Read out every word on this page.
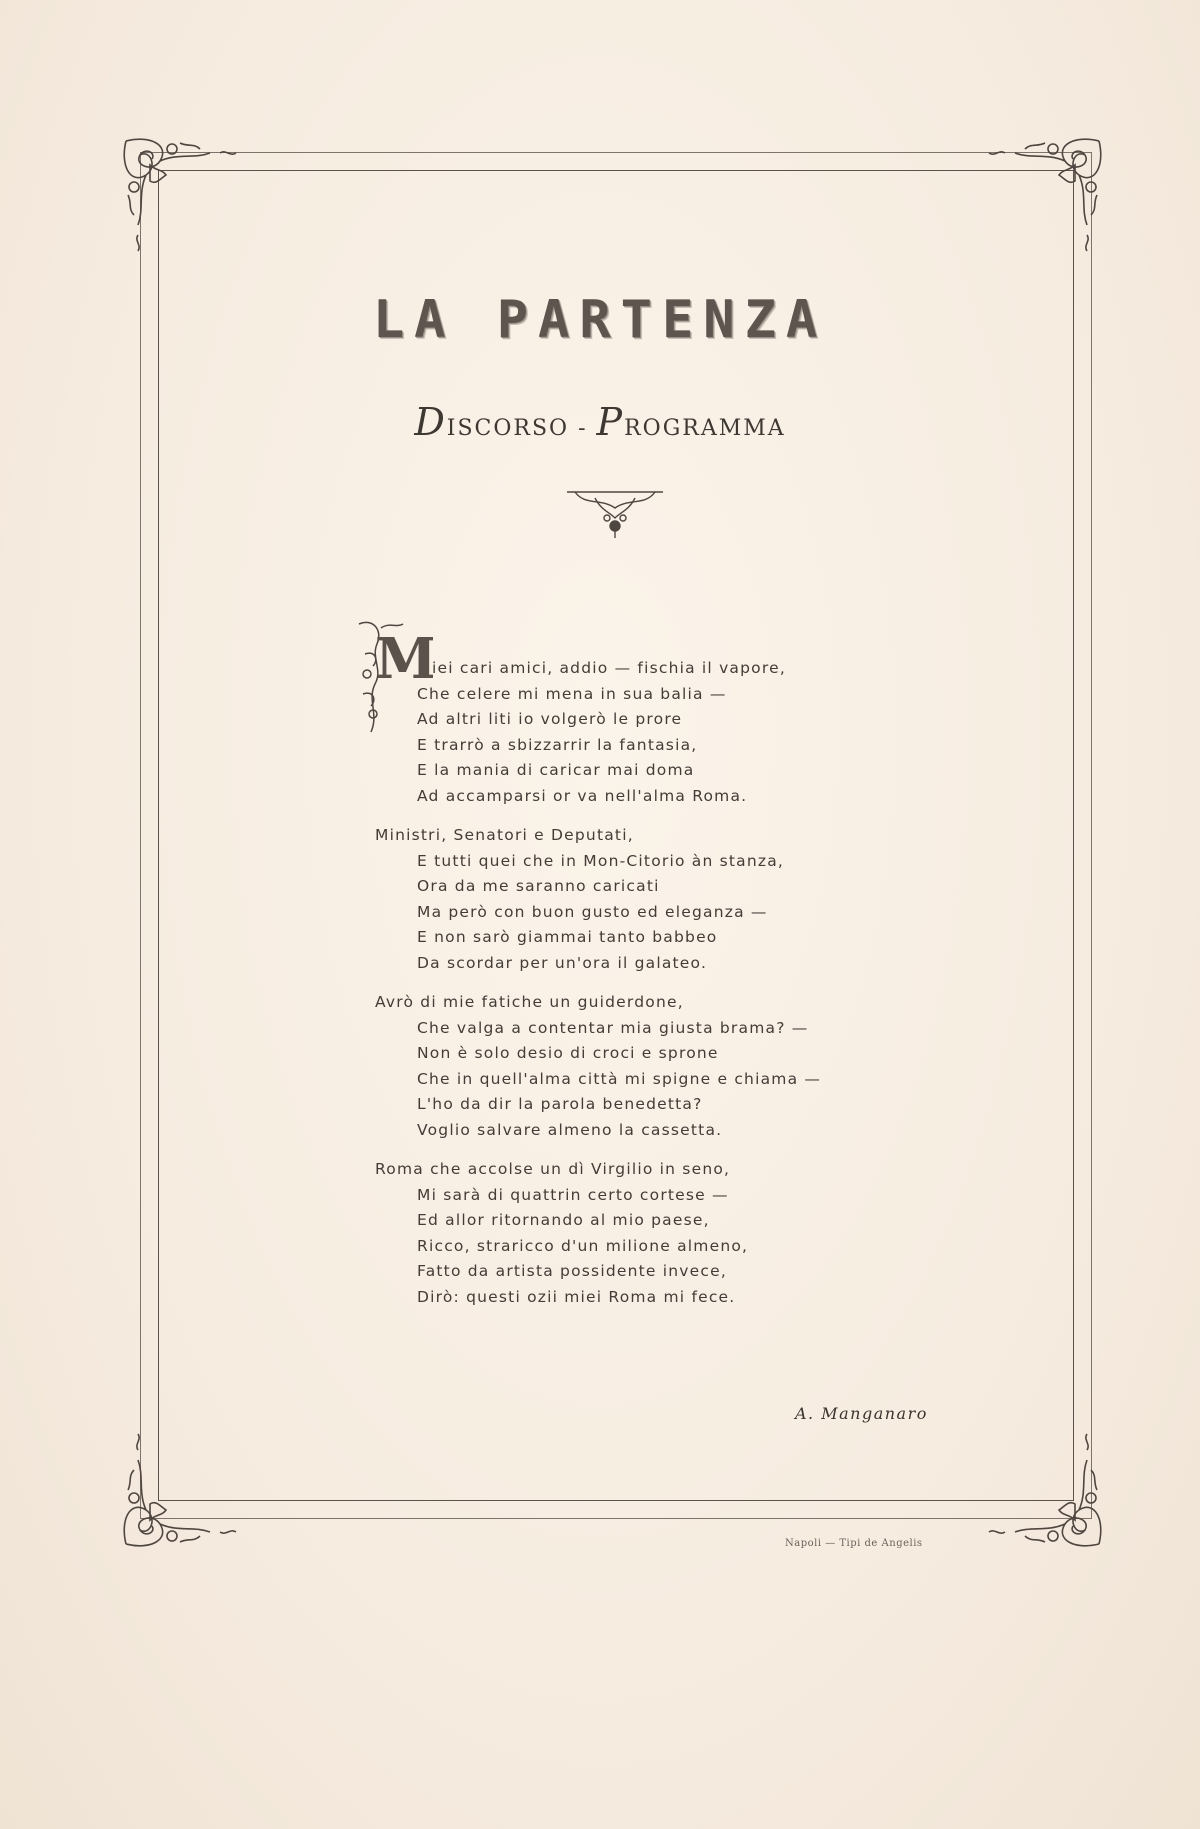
LA PARTENZA
DISCORSO - PROGRAMMA
M
iei cari amici, addio — fischia il vapore,
Che celere mi mena in sua balia —
Ad altri liti io volgerò le prore
E trarrò a sbizzarrir la fantasia,
E la mania di caricar mai doma
Ad accamparsi or va nell'alma Roma.
Ministri, Senatori e Deputati,
E tutti quei che in Mon-Citorio àn stanza,
Ora da me saranno caricati
Ma però con buon gusto ed eleganza —
E non sarò giammai tanto babbeo
Da scordar per un'ora il galateo.
Avrò di mie fatiche un guiderdone,
Che valga a contentar mia giusta brama? —
Non è solo desio di croci e sprone
Che in quell'alma città mi spigne e chiama —
L'ho da dir la parola benedetta?
Voglio salvare almeno la cassetta.
Roma che accolse un dì Virgilio in seno,
Mi sarà di quattrin certo cortese —
Ed allor ritornando al mio paese,
Ricco, straricco d'un milione almeno,
Fatto da artista possidente invece,
Dirò: questi ozii miei Roma mi fece.
A. Manganaro
Napoli — Tipi de Angelis
